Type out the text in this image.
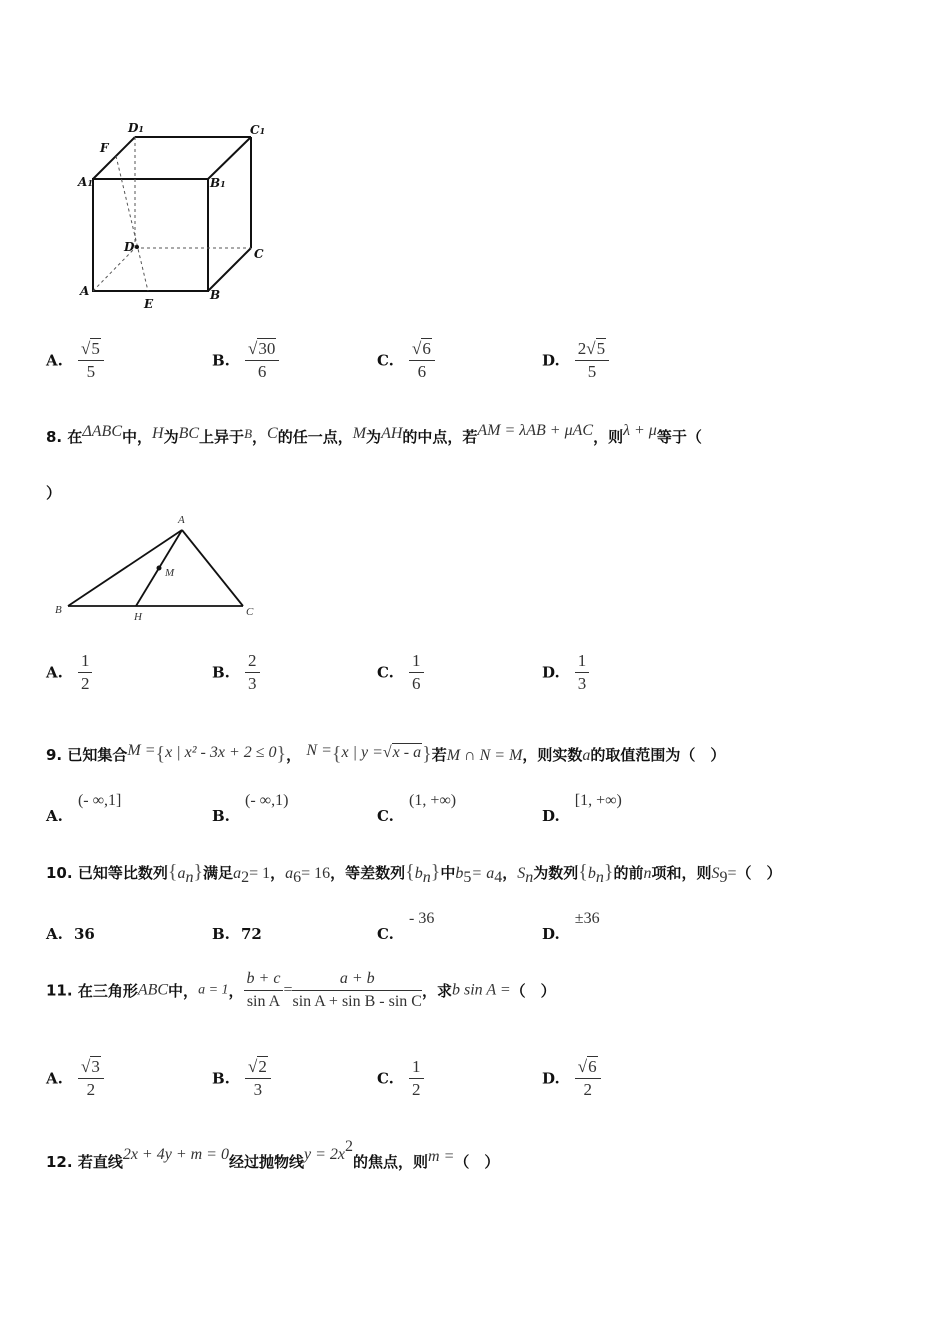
D1	C1
A1	B1
F
D	C
A
E
B
A. $\frac{√5}{5}$	B. $\frac{√30}{6}$	C. $\frac{√6}{6}$	D. $\frac{2√5}{5}$
8. 在ΔABC中，H为BC上异于B，C的任一点，M为AH的中点，若AM = λAB + μAC，则λ + μ等于（
）
A
B	C
H
M
A. $\frac{1}{2}$	B. $\frac{2}{3}$	C. $\frac{1}{6}$	D. $\frac{1}{3}$
9. 已知集合M ={x | x² - 3x + 2 ≤ 0}， N ={x | y =√x - a}若M ∩ N = M，则实数a的取值范围为（　）
A. (- ∞,1]
B. (- ∞,1)
C. (1, +∞)
D. [1, +∞)
10. 已知等比数列$\{a_n\}$满足$a_2= 1$，$a_6= 16$，等差数列$\{b_n\}$中$b_5= a_4$，$S_n$为数列$\{b_n\}$的前n项和，则$S_9=$（　）
A. 36	B. 72	C. - 36
D. ±36
11. 在三角形ABC中，a = 1， $\frac{b + c}{\text{sin A}} = \frac{a + b}{\text{sin A + sin B - sin C}}$ ，求b sin A =（　）
A. $\frac{√3}{2}$	B. $\frac{√2}{3}$	C. $\frac{1}{2}$	D. $\frac{√6}{2}$
12. 若直线2x + 4y + m = 0经过抛物线$y = 2x^2$的焦点，则m =（　）
